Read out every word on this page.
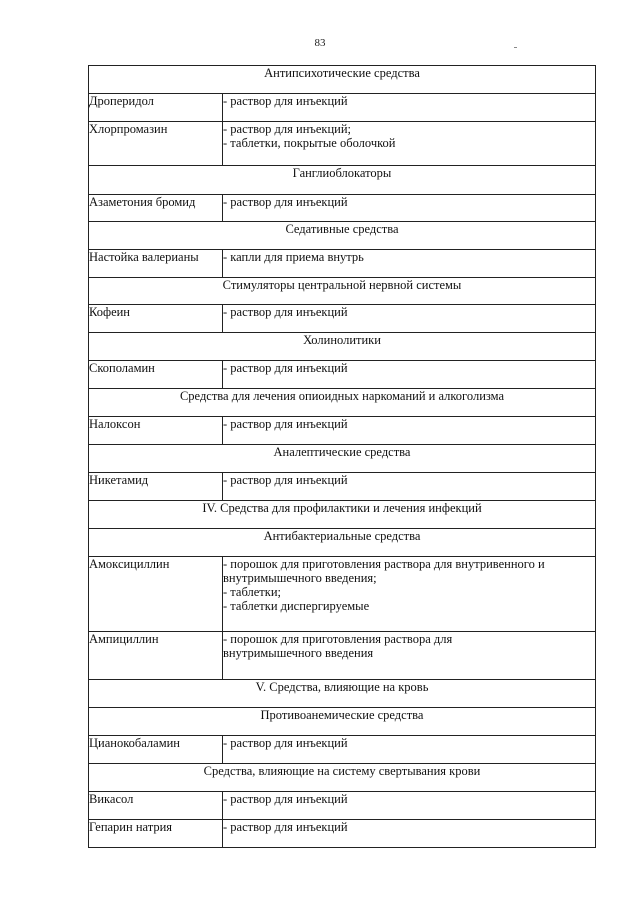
83
Антипсихотические средства	
Дроперидол	- раствор для инъекций

Хлорпромазин	- раствор для инъекций;
- таблетки, покрытые оболочкой

Ганглиоблокаторы	
Азаметония бромид	- раствор для инъекций

Седативные средства	
Настойка валерианы	- капли для приема внутрь

Стимуляторы центральной нервной системы	
Кофеин	- раствор для инъекций

Холинолитики	
Скополамин	- раствор для инъекций

Средства для лечения опиоидных наркоманий и алкоголизма	
Налоксон	- раствор для инъекций

Аналептические средства	
Никетамид	- раствор для инъекций

IV. Средства для профилактики и лечения инфекций	
Антибактериальные средства	
Амоксициллин	- порошок для приготовления раствора для внутривенного и внутримышечного введения;
- таблетки;
- таблетки диспергируемые

Ампициллин	- порошок для приготовления раствора для
внутримышечного введения

V. Средства, влияющие на кровь	
Противоанемические средства	
Цианокобаламин	- раствор для инъекций

Средства, влияющие на систему свертывания крови	
Викасол	- раствор для инъекций

Гепарин натрия	- раствор для инъекций
